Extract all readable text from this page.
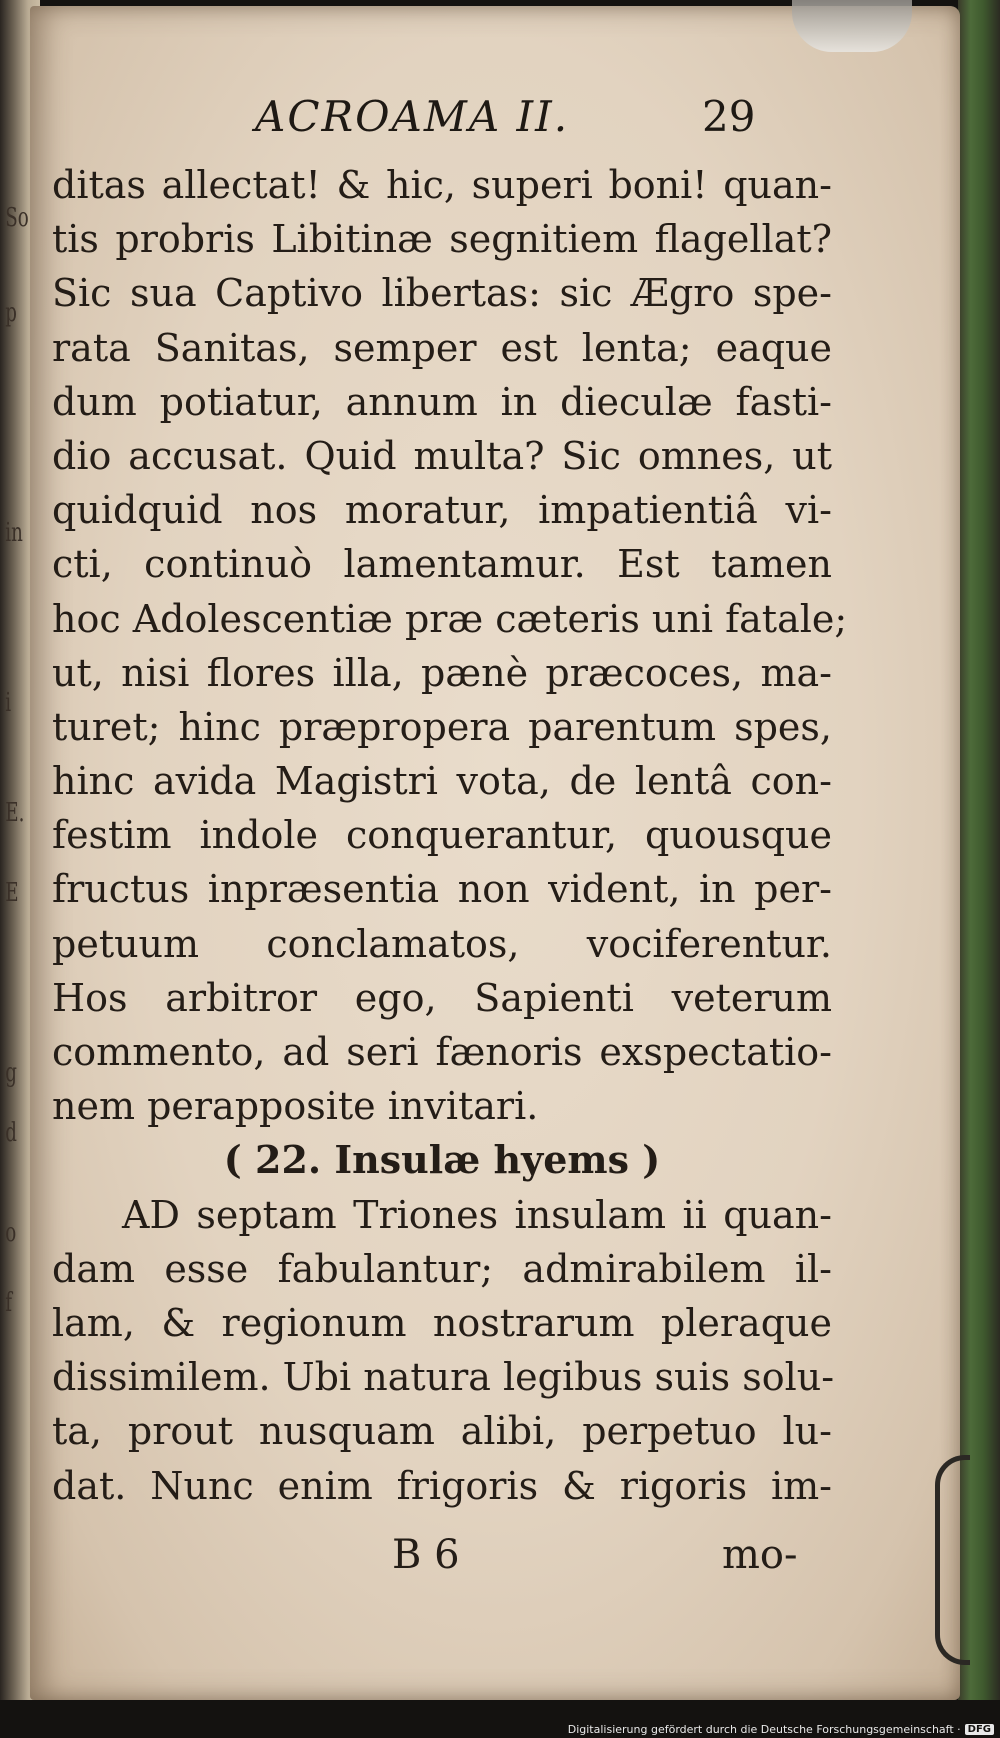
So
p
in
i
E.
E
g
d
o
f
ACROAMA II.	29
ditas allectat! & hic, superi boni! quan-
tis probris Libitinæ segnitiem flagellat?
Sic sua Captivo libertas: sic Ægro spe-
rata Sanitas, semper est lenta; eaque
dum potiatur, annum in dieculæ fasti-
dio accusat. Quid multa? Sic omnes, ut
quidquid nos moratur, impatientiâ vi-
cti, continuò lamentamur. Est tamen
hoc Adolescentiæ præ cæteris uni fatale;
ut, nisi flores illa, pænè præcoces, ma-
turet; hinc præpropera parentum spes,
hinc avida Magistri vota, de lentâ con-
festim indole conquerantur, quousque
fructus inpræsentia non vident, in per-
petuum conclamatos, vociferentur.
Hos arbitror ego, Sapienti veterum
commento, ad seri fænoris exspectatio-
nem perapposite invitari.
( 22. Insulæ hyems )
AD septam Triones insulam ii quan-
dam esse fabulantur; admirabilem il-
lam, & regionum nostrarum pleraque
dissimilem. Ubi natura legibus suis solu-
ta, prout nusquam alibi, perpetuo lu-
dat. Nunc enim frigoris & rigoris im-
B 6	mo-
Digitalisierung gefördert durch die Deutsche Forschungsgemeinschaft · DFG
